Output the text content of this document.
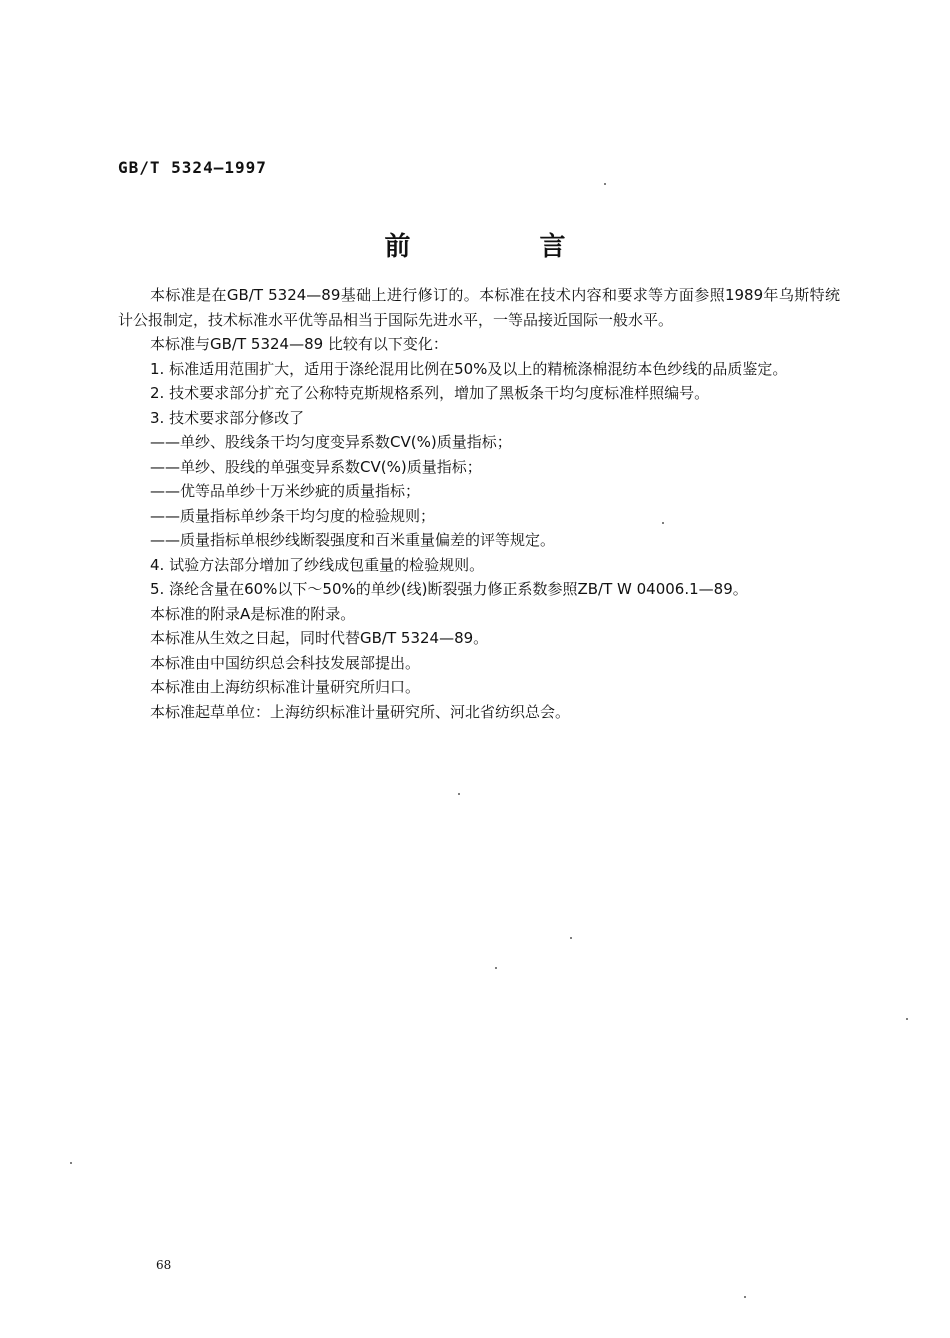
GB/T 5324—1997
前 言

本标准是在GB/T 5324—89基础上进行修订的。本标准在技术内容和要求等方面参照1989年乌斯特统计公报制定，技术标准水平优等品相当于国际先进水平，一等品接近国际一般水平。

本标准与GB/T 5324—89 比较有以下变化：

1. 标准适用范围扩大，适用于涤纶混用比例在50%及以上的精梳涤棉混纺本色纱线的品质鉴定。

2. 技术要求部分扩充了公称特克斯规格系列，增加了黑板条干均匀度标准样照编号。

3. 技术要求部分修改了

——单纱、股线条干均匀度变异系数CV(%)质量指标；

——单纱、股线的单强变异系数CV(%)质量指标；

——优等品单纱十万米纱疵的质量指标；

——质量指标单纱条干均匀度的检验规则；

——质量指标单根纱线断裂强度和百米重量偏差的评等规定。

4. 试验方法部分增加了纱线成包重量的检验规则。

5. 涤纶含量在60%以下～50%的单纱(线)断裂强力修正系数参照ZB/T W 04006.1—89。

本标准的附录A是标准的附录。

本标准从生效之日起，同时代替GB/T 5324—89。

本标准由中国纺织总会科技发展部提出。

本标准由上海纺织标准计量研究所归口。

本标准起草单位：上海纺织标准计量研究所、河北省纺织总会。

68
